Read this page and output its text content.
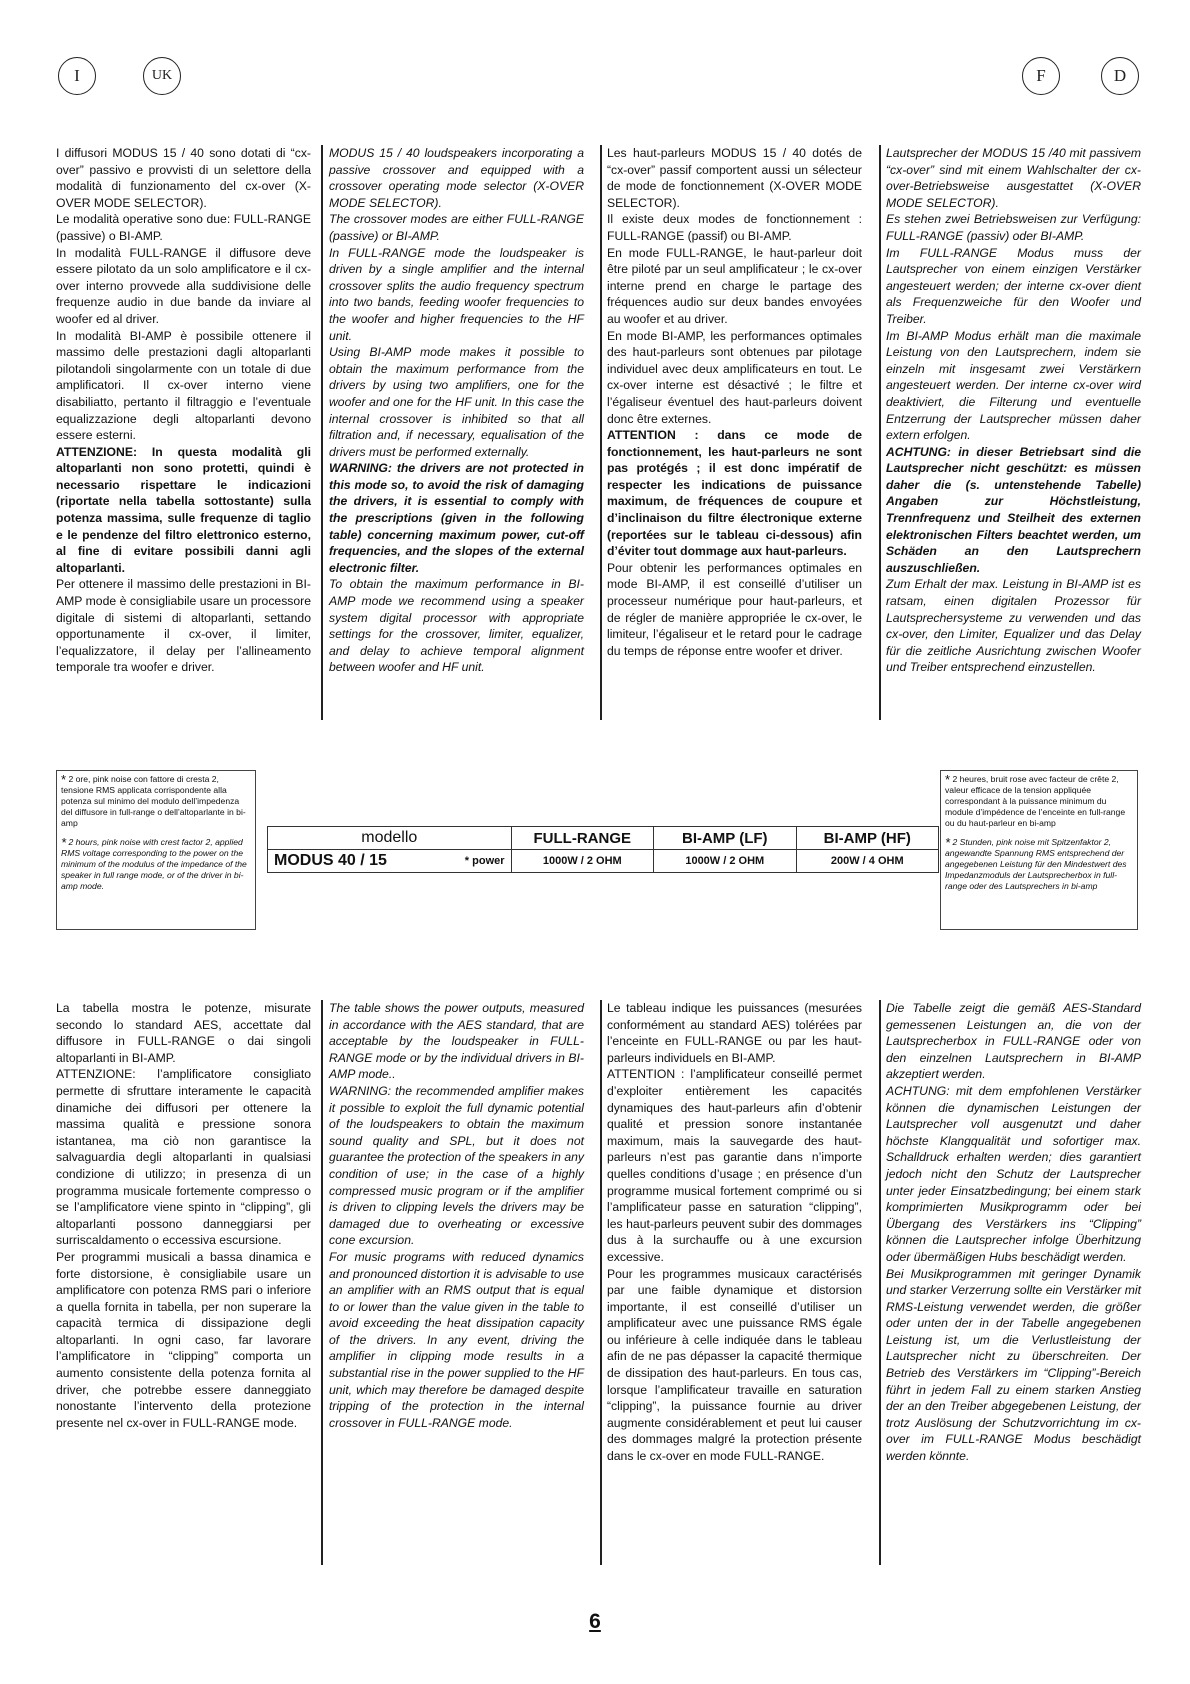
I	UK	F	D

I diffusori MODUS 15 / 40 sono dotati di “cx-over” passivo e provvisti di un selettore della modalità di funzionamento del cx-over (X-OVER MODE SELECTOR).

Le modalità operative sono due: FULL-RANGE (passive) o BI-AMP.

In modalità FULL-RANGE il diffusore deve essere pilotato da un solo amplificatore e il cx-over interno provvede alla suddivisione delle frequenze audio in due bande da inviare al woofer ed al driver.

In modalità BI-AMP è possibile ottenere il massimo delle prestazioni dagli altoparlanti pilotandoli singolarmente con un totale di due amplificatori. Il cx-over interno viene disabiliatto, pertanto il filtraggio e l’eventuale equalizzazione degli altoparlanti devono essere esterni.

ATTENZIONE: In questa modalità gli altoparlanti non sono protetti, quindi è necessario rispettare le indicazioni (riportate nella tabella sottostante) sulla potenza massima, sulle frequenze di taglio e le pendenze del filtro elettronico esterno, al fine di evitare possibili danni agli altoparlanti.

Per ottenere il massimo delle prestazioni in BI-AMP mode è consigliabile usare un processore digitale di sistemi di altoparlanti, settando opportunamente il cx-over, il limiter, l’equalizzatore, il delay per l’allineamento temporale tra woofer e driver.

MODUS 15 / 40 loudspeakers incorporating a passive crossover and equipped with a crossover operating mode selector (X-OVER MODE SELECTOR).

The crossover modes are either FULL-RANGE (passive) or BI-AMP.

In FULL-RANGE mode the loudspeaker is driven by a single amplifier and the internal crossover splits the audio frequency spectrum into two bands, feeding woofer frequencies to the woofer and higher frequencies to the HF unit.

Using BI-AMP mode makes it possible to obtain the maximum performance from the drivers by using two amplifiers, one for the woofer and one for the HF unit. In this case the internal crossover is inhibited so that all filtration and, if necessary, equalisation of the drivers must be performed externally.

WARNING: the drivers are not protected in this mode so, to avoid the risk of damaging the drivers, it is essential to comply with the prescriptions (given in the following table) concerning maximum power, cut-off frequencies, and the slopes of the external electronic filter.

To obtain the maximum performance in BI-AMP mode we recommend using a speaker system digital processor with appropriate settings for the crossover, limiter, equalizer, and delay to achieve temporal alignment between woofer and HF unit.

Les haut-parleurs MODUS 15 / 40 dotés de “cx-over” passif comportent aussi un sélecteur de mode de fonctionnement (X-OVER MODE SELECTOR).

Il existe deux modes de fonctionnement : FULL-RANGE (passif) ou BI-AMP.

En mode FULL-RANGE, le haut-parleur doit être piloté par un seul amplificateur ; le cx-over interne prend en charge le partage des fréquences audio sur deux bandes envoyées au woofer et au driver.

En mode BI-AMP, les performances optimales des haut-parleurs sont obtenues par pilotage individuel avec deux amplificateurs en tout. Le cx-over interne est désactivé ; le filtre et l’égaliseur éventuel des haut-parleurs doivent donc être externes.

ATTENTION : dans ce mode de fonctionnement, les haut-parleurs ne sont pas protégés ; il est donc impératif de respecter les indications de puissance maximum, de fréquences de coupure et d’inclinaison du filtre électronique externe (reportées sur le tableau ci-dessous) afin d’éviter tout dommage aux haut-parleurs.

Pour obtenir les performances optimales en mode BI-AMP, il est conseillé d’utiliser un processeur numérique pour haut-parleurs, et de régler de manière appropriée le cx-over, le limiteur, l’égaliseur et le retard pour le cadrage du temps de réponse entre woofer et driver.

Lautsprecher der MODUS 15 /40 mit passivem “cx-over” sind mit einem Wahlschalter der cx-over-Betriebsweise ausgestattet (X-OVER MODE SELECTOR).

Es stehen zwei Betriebsweisen zur Verfügung: FULL-RANGE (passiv) oder BI-AMP.

Im FULL-RANGE Modus muss der Lautsprecher von einem einzigen Verstärker angesteuert werden; der interne cx-over dient als Frequenzweiche für den Woofer und Treiber.

Im BI-AMP Modus erhält man die maximale Leistung von den Lautsprechern, indem sie einzeln mit insgesamt zwei Verstärkern angesteuert werden. Der interne cx-over wird deaktiviert, die Filterung und eventuelle Entzerrung der Lautsprecher müssen daher extern erfolgen.

ACHTUNG: in dieser Betriebsart sind die Lautsprecher nicht geschützt: es müssen daher die (s. untenstehende Tabelle) Angaben zur Höchstleistung, Trennfrequenz und Steilheit des externen elektronischen Filters beachtet werden, um Schäden an den Lautsprechern auszuschließen.

Zum Erhalt der max. Leistung in BI-AMP ist es ratsam, einen digitalen Prozessor für Lautsprechersysteme zu verwenden und das cx-over, den Limiter, Equalizer und das Delay für die zeitliche Ausrichtung zwischen Woofer und Treiber entsprechend einzustellen.

* 2 ore, pink noise con fattore di cresta 2, tensione RMS applicata corrispondente alla potenza sul minimo del modulo dell’impedenza del diffusore in full-range o dell’altoparlante in bi-amp

* 2 hours, pink noise with crest factor 2, applied RMS voltage corresponding to the power on the minimum of the modulus of the impedance of the speaker in full range mode, or of the driver in bi-amp mode.

modello	FULL-RANGE	BI-AMP (LF)	BI-AMP (HF)
MODUS 40 / 15 * power	1000W / 2 OHM	1000W / 2 OHM	200W / 4 OHM

* 2 heures, bruit rose avec facteur de crête 2, valeur efficace de la tension appliquée correspondant à la puissance minimum du module d’impédence de l’enceinte en full-range ou du haut-parleur en bi-amp

* 2 Stunden, pink noise mit Spitzenfaktor 2, angewandte Spannung RMS entsprechend der angegebenen Leistung für den Mindestwert des Impedanzmoduls der Lautsprecherbox in full-range oder des Lautsprechers in bi-amp

La tabella mostra le potenze, misurate secondo lo standard AES, accettate dal diffusore in FULL-RANGE o dai singoli altoparlanti in BI-AMP.

ATTENZIONE: l’amplificatore consigliato permette di sfruttare interamente le capacità dinamiche dei diffusori per ottenere la massima qualità e pressione sonora istantanea, ma ciò non garantisce la salvaguardia degli altoparlanti in qualsiasi condizione di utilizzo; in presenza di un programma musicale fortemente compresso o se l’amplificatore viene spinto in “clipping”, gli altoparlanti possono danneggiarsi per surriscaldamento o eccessiva escursione.

Per programmi musicali a bassa dinamica e forte distorsione, è consigliabile usare un amplificatore con potenza RMS pari o inferiore a quella fornita in tabella, per non superare la capacità termica di dissipazione degli altoparlanti. In ogni caso, far lavorare l’amplificatore in “clipping” comporta un aumento consistente della potenza fornita al driver, che potrebbe essere danneggiato nonostante l’intervento della protezione presente nel cx-over in FULL-RANGE mode.

The table shows the power outputs, measured in accordance with the AES standard, that are acceptable by the loudspeaker in FULL-RANGE mode or by the individual drivers in BI-AMP mode..

WARNING: the recommended amplifier makes it possible to exploit the full dynamic potential of the loudspeakers to obtain the maximum sound quality and SPL, but it does not guarantee the protection of the speakers in any condition of use; in the case of a highly compressed music program or if the amplifier is driven to clipping levels the drivers may be damaged due to overheating or excessive cone excursion.

For music programs with reduced dynamics and pronounced distortion it is advisable to use an amplifier with an RMS output that is equal to or lower than the value given in the table to avoid exceeding the heat dissipation capacity of the drivers. In any event, driving the amplifier in clipping mode results in a substantial rise in the power supplied to the HF unit, which may therefore be damaged despite tripping of the protection in the internal crossover in FULL-RANGE mode.

Le tableau indique les puissances (mesurées conformément au standard AES) tolérées par l’enceinte en FULL-RANGE ou par les haut-parleurs individuels en BI-AMP.

ATTENTION : l’amplificateur conseillé permet d’exploiter entièrement les capacités dynamiques des haut-parleurs afin d’obtenir qualité et pression sonore instantanée maximum, mais la sauvegarde des haut-parleurs n’est pas garantie dans n’importe quelles conditions d’usage ; en présence d’un programme musical fortement comprimé ou si l’amplificateur passe en saturation “clipping”, les haut-parleurs peuvent subir des dommages dus à la surchauffe ou à une excursion excessive.

Pour les programmes musicaux caractérisés par une faible dynamique et distorsion importante, il est conseillé d’utiliser un amplificateur avec une puissance RMS égale ou inférieure à celle indiquée dans le tableau afin de ne pas dépasser la capacité thermique de dissipation des haut-parleurs. En tous cas, lorsque l’amplificateur travaille en saturation “clipping”, la puissance fournie au driver augmente considérablement et peut lui causer des dommages malgré la protection présente dans le cx-over en mode FULL-RANGE.

Die Tabelle zeigt die gemäß AES-Standard gemessenen Leistungen an, die von der Lautsprecherbox in FULL-RANGE oder von den einzelnen Lautsprechern in BI-AMP akzeptiert werden.

ACHTUNG: mit dem empfohlenen Verstärker können die dynamischen Leistungen der Lautsprecher voll ausgenutzt und daher höchste Klangqualität und sofortiger max. Schalldruck erhalten werden; dies garantiert jedoch nicht den Schutz der Lautsprecher unter jeder Einsatzbedingung; bei einem stark komprimierten Musikprogramm oder bei Übergang des Verstärkers ins “Clipping” können die Lautsprecher infolge Überhitzung oder übermäßigen Hubs beschädigt werden.

Bei Musikprogrammen mit geringer Dynamik und starker Verzerrung sollte ein Verstärker mit RMS-Leistung verwendet werden, die größer oder unten der in der Tabelle angegebenen Leistung ist, um die Verlustleistung der Lautsprecher nicht zu überschreiten. Der Betrieb des Verstärkers im “Clipping”-Bereich führt in jedem Fall zu einem starken Anstieg der an den Treiber abgegebenen Leistung, der trotz Auslösung der Schutzvorrichtung im cx-over im FULL-RANGE Modus beschädigt werden könnte.

6
